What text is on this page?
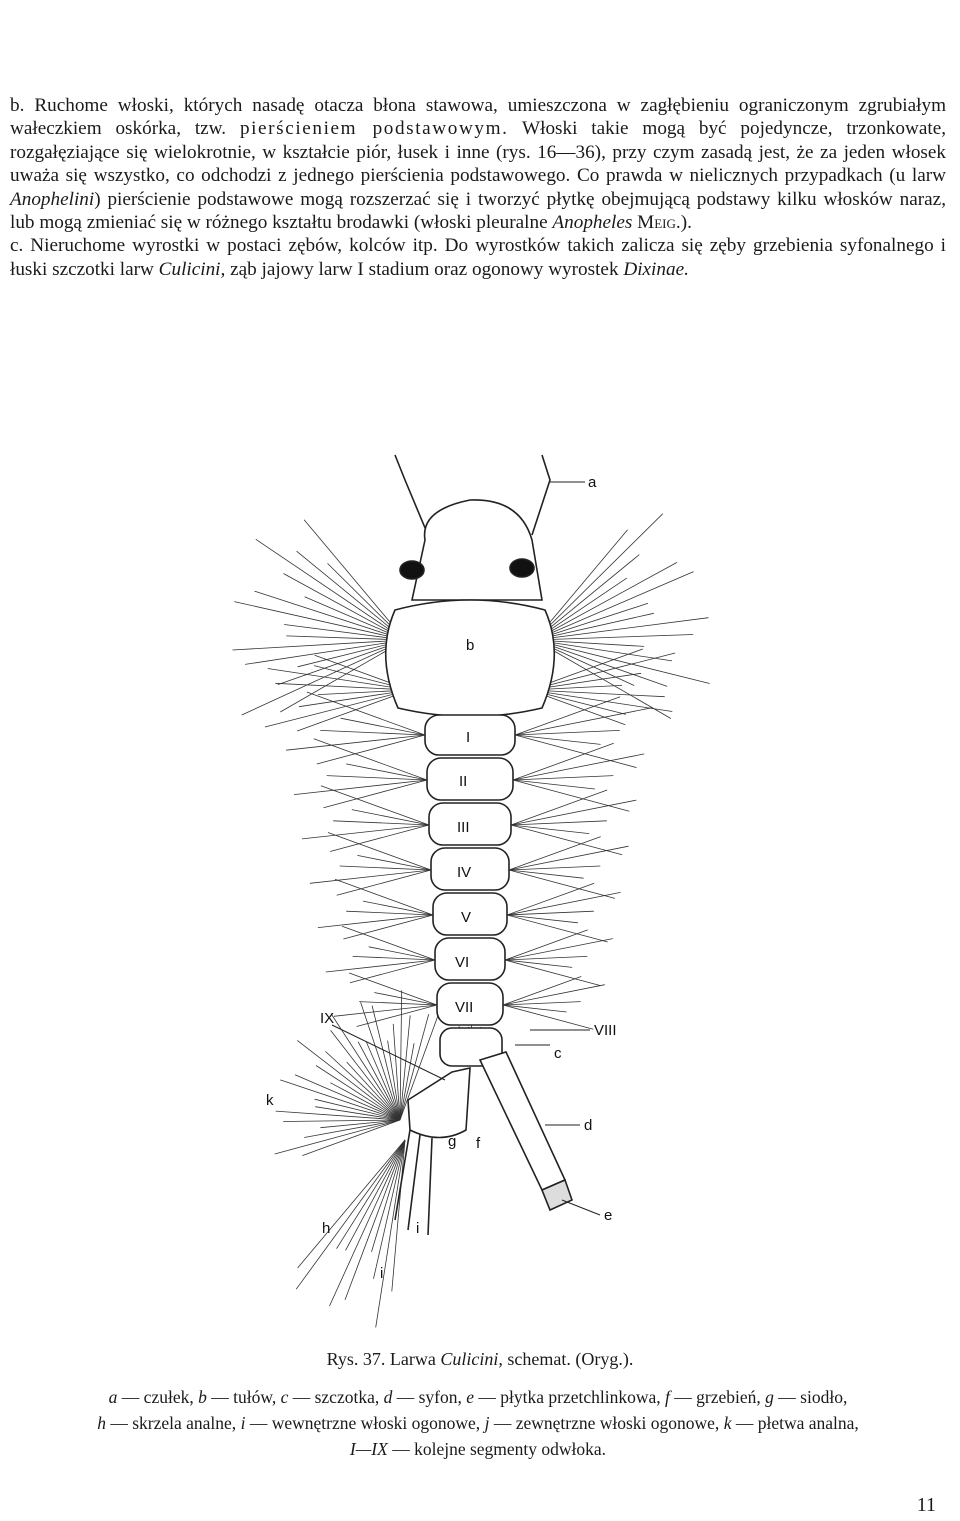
b. Ruchome włoski, których nasadę otacza błona stawowa, umieszczona w zagłębieniu ograniczonym zgrubiałym wałeczkiem oskórka, tzw. pierścieniem podstawowym. Włoski takie mogą być pojedyncze, trzonkowate, rozgałęziające się wielokrotnie, w kształcie piór, łusek i inne (rys. 16—36), przy czym zasadą jest, że za jeden włosek uważa się wszystko, co odchodzi z jednego pierścienia podstawowego. Co prawda w nielicznych przypadkach (u larw Anophelini) pierścienie podstawowe mogą rozszerzać się i tworzyć płytkę obejmującą podstawy kilku włosków naraz, lub mogą zmieniać się w różnego kształtu brodawki (włoski pleuralne Anopheles Meig.).

c. Nieruchome wyrostki w postaci zębów, kolców itp. Do wyrostków takich zalicza się zęby grzebienia syfonalnego i łuski szczotki larw Culicini, ząb jajowy larw I stadium oraz ogonowy wyrostek Dixinae.

a
b
I
II
III
IV
V
VI
VII
VIII
c
IX
k
d
g f
e
h	i
i
Rys. 37. Larwa Culicini, schemat. (Oryg.).
a — czułek, b — tułów, c — szczotka, d — syfon, e — płytka przetchlinkowa, f — grzebień, g — siodło,
h — skrzela analne, i — wewnętrzne włoski ogonowe, j — zewnętrzne włoski ogonowe, k — płetwa analna,
I—IX — kolejne segmenty odwłoka.
11
